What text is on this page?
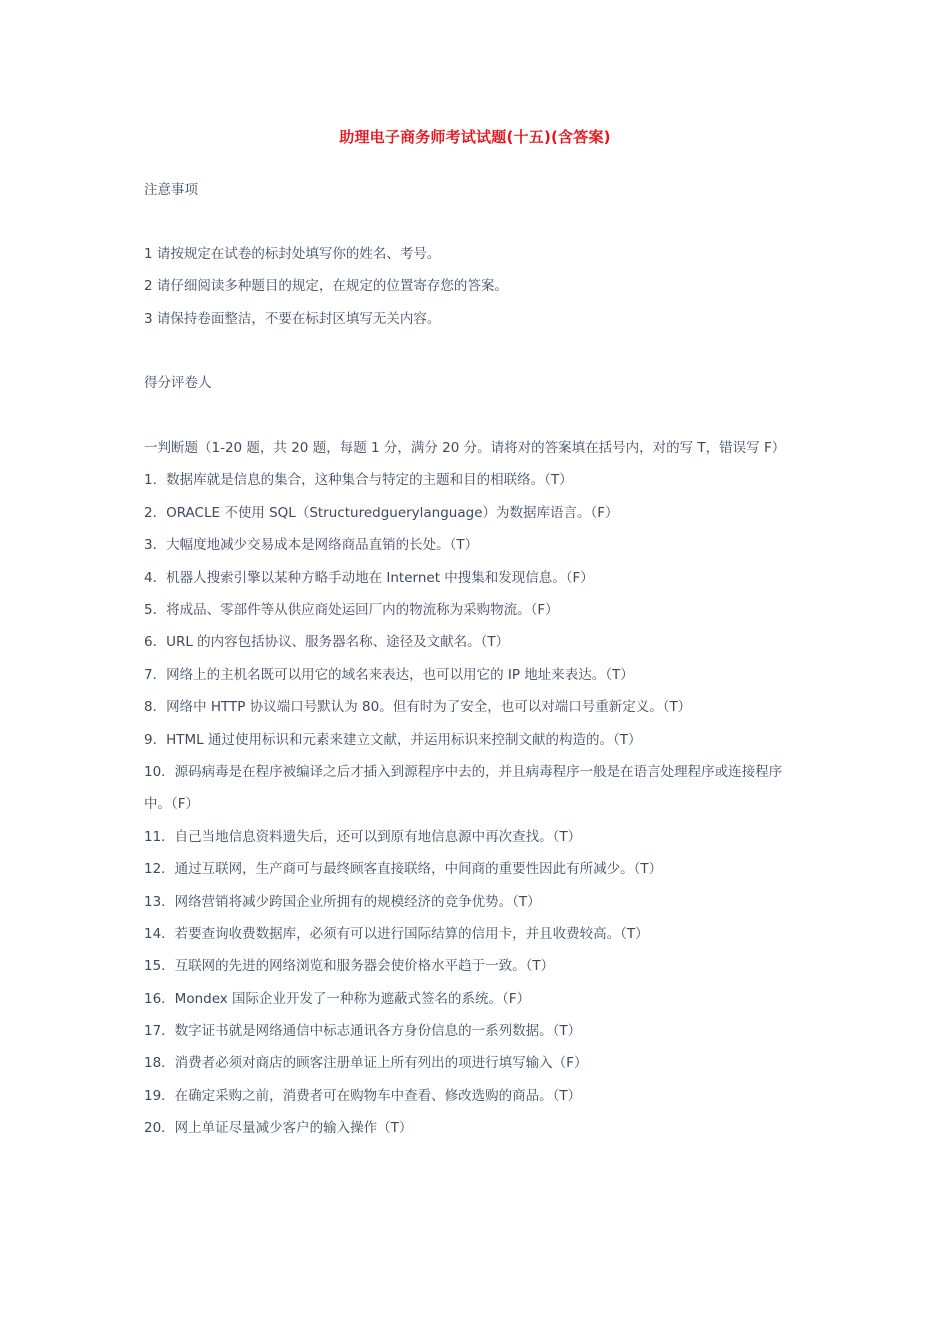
助理电子商务师考试试题(十五)(含答案)
注意事项
1 请按规定在试卷的标封处填写你的姓名、考号。
2 请仔细阅读多种题目的规定，在规定的位置寄存您的答案。
3 请保持卷面整洁，不要在标封区填写无关内容。
得分评卷人
一判断题（1-20 题，共 20 题，每题 1 分，满分 20 分。请将对的答案填在括号内，对的写 T，错误写 F）
1．数据库就是信息的集合，这种集合与特定的主题和目的相联络。（T）
2．ORACLE 不使用 SQL（Structuredguerylanguage）为数据库语言。（F）
3．大幅度地减少交易成本是网络商品直销的长处。（T）
4．机器人搜索引擎以某种方略手动地在 Internet 中搜集和发现信息。（F）
5．将成品、零部件等从供应商处运回厂内的物流称为采购物流。（F）
6．URL 的内容包括协议、服务器名称、途径及文献名。（T）
7．网络上的主机名既可以用它的域名来表达，也可以用它的 IP 地址来表达。（T）
8．网络中 HTTP 协议端口号默认为 80。但有时为了安全，也可以对端口号重新定义。（T）
9．HTML 通过使用标识和元素来建立文献，并运用标识来控制文献的构造的。（T）
10．源码病毒是在程序被编译之后才插入到源程序中去的，并且病毒程序一般是在语言处理程序或连接程序中。（F）
11．自己当地信息资料遗失后，还可以到原有地信息源中再次查找。（T）
12．通过互联网，生产商可与最终顾客直接联络，中间商的重要性因此有所减少。（T）
13．网络营销将减少跨国企业所拥有的规模经济的竞争优势。（T）
14．若要查询收费数据库，必须有可以进行国际结算的信用卡，并且收费较高。（T）
15．互联网的先进的网络浏览和服务器会使价格水平趋于一致。（T）
16．Mondex 国际企业开发了一种称为遮蔽式签名的系统。（F）
17．数字证书就是网络通信中标志通讯各方身份信息的一系列数据。（T）
18．消费者必须对商店的顾客注册单证上所有列出的项进行填写输入（F）
19．在确定采购之前，消费者可在购物车中查看、修改选购的商品。（T）
20．网上单证尽量减少客户的输入操作（T）
